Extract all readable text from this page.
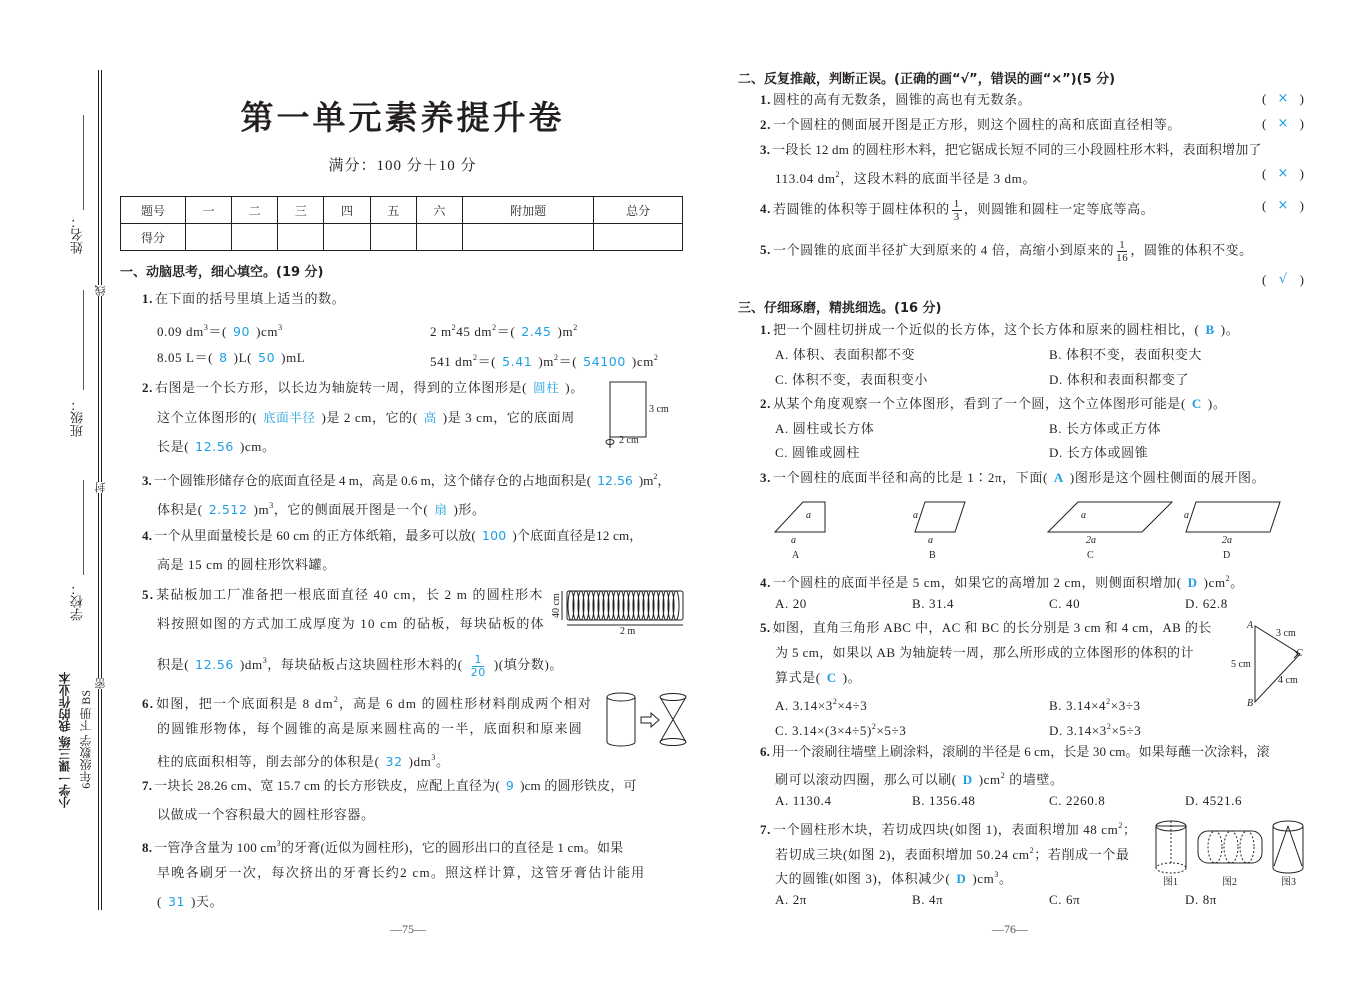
姓名：
班级：
学校：
线
封
密
小学一课三练 我的作业本 6年级数学 下册 BS
第一单元素养提升卷
满分：100 分＋10 分
题号	一	二	三	四	五	六	附加题	总分
得分								
一、动脑思考，细心填空。(19 分)
1. 在下面的括号里填上适当的数。
0.09 $dm^3=$( 90 )$cm^3$	2 $m^245$ $dm^2=$( 2.45 )$m^2$
8.05 L＝( 8 )L( 50 )mL	541 $dm^2=$( 5.41 )$m^2=$( 54100 )$cm^2$
2. 右图是一个长方形，以长边为轴旋转一周，得到的立体图形是( 圆柱 )。
这个立体图形的( 底面半径 )是 2 cm，它的( 高 )是 3 cm，它的底面周
长是( 12.56 )cm。
3. 一个圆锥形储存仓的底面直径是 4 m，高是 0.6 m，这个储存仓的占地面积是( 12.56 )$m^2$，
体积是( 2.512 )$m^3$，它的侧面展开图是一个( 扇 )形。
4. 一个从里面量棱长是 60 cm 的正方体纸箱，最多可以放( 100 )个底面直径是12 cm，
高是 15 cm 的圆柱形饮料罐。
5. 某砧板加工厂准备把一根底面直径 40 cm，长 2 m 的圆柱形木
料按照如图的方式加工成厚度为 10 cm 的砧板，每块砧板的体
积是( 12.56 )$dm^3$，每块砧板占这块圆柱形木料的( $\frac{1}{20}$ )(填分数)。
6. 如图，把一个底面积是 8 $dm^2$，高是 6 dm 的圆柱形材料削成两个相对
的圆锥形物体，每个圆锥的高是原来圆柱高的一半，底面积和原来圆
柱的底面积相等，削去部分的体积是( 32 )$dm^3$。
7. 一块长 28.26 cm、宽 15.7 cm 的长方形铁皮，应配上直径为( 9 )cm 的圆形铁皮，可
以做成一个容积最大的圆柱形容器。
8. 一管净含量为 100 $cm^3$的牙膏(近似为圆柱形)，它的圆形出口的直径是 1 cm。如果
早晚各刷牙一次，每次挤出的牙膏长约2 cm。照这样计算，这管牙膏估计能用
( 31 )天。
—75—
二、反复推敲，判断正误。(正确的画“√”，错误的画“×”)(5 分)
1. 圆柱的高有无数条，圆锥的高也有无数条。	( × )
2. 一个圆柱的侧面展开图是正方形，则这个圆柱的高和底面直径相等。	( × )
3. 一段长 12 dm 的圆柱形木料，把它锯成长短不同的三小段圆柱形木料，表面积增加了
113.04 $dm^2$，这段木料的底面半径是 3 dm。	( × )
4. 若圆锥的体积等于圆柱体积的 $\frac{1}{3}$ ，则圆锥和圆柱一定等底等高。	( × )
5. 一个圆锥的底面半径扩大到原来的 4 倍，高缩小到原来的 $\frac{1}{16}$ ，圆锥的体积不变。
( √ )
三、仔细琢磨，精挑细选。(16 分)
1. 把一个圆柱切拼成一个近似的长方体，这个长方体和原来的圆柱相比，( B )。
A. 体积、表面积都不变	B. 体积不变，表面积变大
C. 体积不变，表面积变小	D. 体积和表面积都变了
2. 从某个角度观察一个立体图形，看到了一个圆，这个立体图形可能是( C )。
A. 圆柱或长方体	B. 长方体或正方体
C. 圆锥或圆柱	D. 长方体或圆锥
3. 一个圆柱的底面半径和高的比是 1∶2π，下面( A )图形是这个圆柱侧面的展开图。
4. 一个圆柱的底面半径是 5 cm，如果它的高增加 2 cm，则侧面积增加( D )$cm^2$。
A. 20	B. 31.4	C. 40	D. 62.8
5. 如图，直角三角形 ABC 中，AC 和 BC 的长分别是 3 cm 和 4 cm，AB 的长
为 5 cm，如果以 AB 为轴旋转一周，那么所形成的立体图形的体积的计
算式是( C )。
A. $3.14\times 3^2\times 4\div 3$	B. $3.14\times 4^2\times 3\div 3$
C. $3.14\times(3\times 4\div 5)^2\times 5\div 3$	D. $3.14\times 3^2\times 5\div 3$
6. 用一个滚刷往墙壁上刷涂料，滚刷的半径是 6 cm，长是 30 cm。如果每蘸一次涂料，滚
刷可以滚动四圈，那么可以刷( D )$cm^2$ 的墙壁。
A. 1130.4	B. 1356.48	C. 2260.8	D. 4521.6
7. 一个圆柱形木块，若切成四块(如图 1)，表面积增加 48 $cm^2$；
若切成三块(如图 2)，表面积增加 50.24 $cm^2$；若削成一个最
大的圆锥(如图 3)，体积减少( D )$cm^3$。
A. 2π	B. 4π	C. 6π	D. 8π
—76—
3 cm
2 cm
40 cm
2 m
a
a
A
a
a
B
a
2a
C
a
2a
D
A
C
B
3 cm
5 cm
4 cm
图1	图2	图3
